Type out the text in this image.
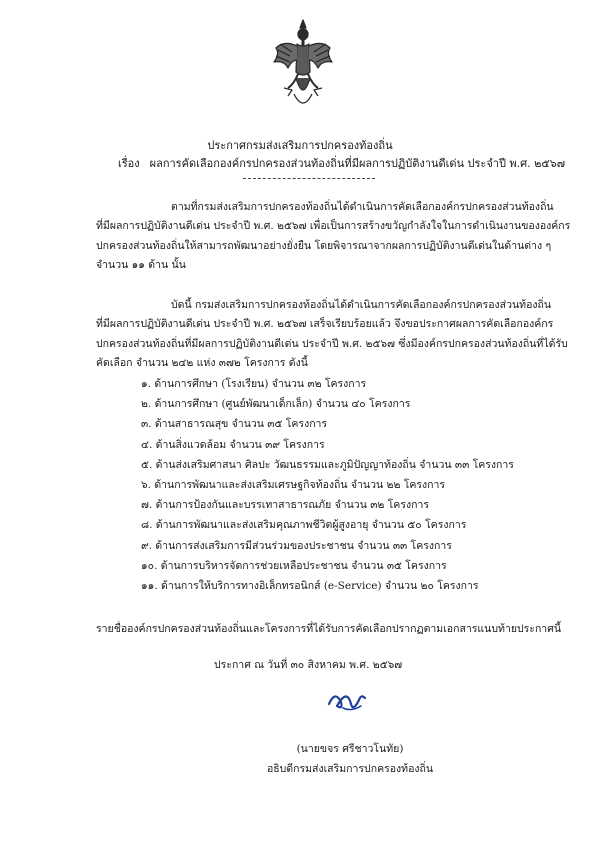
ประกาศกรมส่งเสริมการปกครองท้องถิ่น
เรื่อง ผลการคัดเลือกองค์กรปกครองส่วนท้องถิ่นที่มีผลการปฏิบัติงานดีเด่น ประจำปี พ.ศ. ๒๕๖๗
ตามที่กรมส่งเสริมการปกครองท้องถิ่นได้ดำเนินการคัดเลือกองค์กรปกครองส่วนท้องถิ่น
ที่มีผลการปฏิบัติงานดีเด่น ประจำปี พ.ศ. ๒๕๖๗ เพื่อเป็นการสร้างขวัญกำลังใจในการดำเนินงานขององค์กร
ปกครองส่วนท้องถิ่นให้สามารถพัฒนาอย่างยั่งยืน โดยพิจารณาจากผลการปฏิบัติงานดีเด่นในด้านต่าง ๆ
จำนวน ๑๑ ด้าน นั้น
บัดนี้ กรมส่งเสริมการปกครองท้องถิ่นได้ดำเนินการคัดเลือกองค์กรปกครองส่วนท้องถิ่น
ที่มีผลการปฏิบัติงานดีเด่น ประจำปี พ.ศ. ๒๕๖๗ เสร็จเรียบร้อยแล้ว จึงขอประกาศผลการคัดเลือกองค์กร
ปกครองส่วนท้องถิ่นที่มีผลการปฏิบัติงานดีเด่น ประจำปี พ.ศ. ๒๕๖๗ ซึ่งมีองค์กรปกครองส่วนท้องถิ่นที่ได้รับ
คัดเลือก จำนวน ๒๔๒ แห่ง ๓๗๒ โครงการ ดังนี้
๑. ด้านการศึกษา (โรงเรียน) จำนวน ๓๒ โครงการ
๒. ด้านการศึกษา (ศูนย์พัฒนาเด็กเล็ก) จำนวน ๔๐ โครงการ
๓. ด้านสาธารณสุข จำนวน ๓๕ โครงการ
๔. ด้านสิ่งแวดล้อม จำนวน ๓๙ โครงการ
๕. ด้านส่งเสริมศาสนา ศิลปะ วัฒนธรรมและภูมิปัญญาท้องถิ่น จำนวน ๓๓ โครงการ
๖. ด้านการพัฒนาและส่งเสริมเศรษฐกิจท้องถิ่น จำนวน ๒๒ โครงการ
๗. ด้านการป้องกันและบรรเทาสาธารณภัย จำนวน ๓๒ โครงการ
๘. ด้านการพัฒนาและส่งเสริมคุณภาพชีวิตผู้สูงอายุ จำนวน ๕๐ โครงการ
๙. ด้านการส่งเสริมการมีส่วนร่วมของประชาชน จำนวน ๓๓ โครงการ
๑๐. ด้านการบริหารจัดการช่วยเหลือประชาชน จำนวน ๓๕ โครงการ
๑๑. ด้านการให้บริการทางอิเล็กทรอนิกส์ (e-Service) จำนวน ๒๐ โครงการ
รายชื่อองค์กรปกครองส่วนท้องถิ่นและโครงการที่ได้รับการคัดเลือกปรากฏตามเอกสารแนบท้ายประกาศนี้
ประกาศ ณ วันที่ ๓๐ สิงหาคม พ.ศ. ๒๕๖๗
(นายขจร ศรีชาวโนทัย)
อธิบดีกรมส่งเสริมการปกครองท้องถิ่น
